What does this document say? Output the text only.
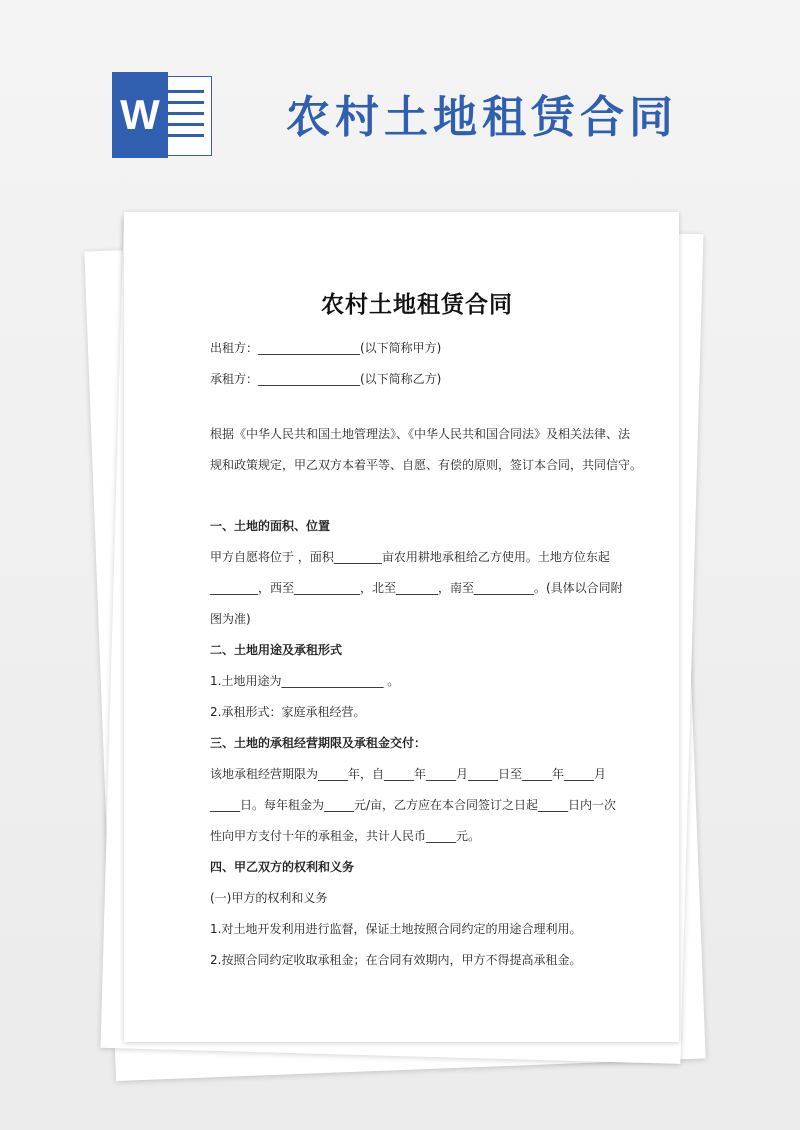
W	农村土地租赁合同
农村土地租赁合同

出租方：_________________(以下简称甲方)

承租方：_________________(以下简称乙方)

根据《中华人民共和国土地管理法》、《中华人民共和国合同法》及相关法律、法

规和政策规定，甲乙双方本着平等、自愿、有偿的原则，签订本合同，共同信守。

一、土地的面积、位置

甲方自愿将位于 ，面积________亩农用耕地承租给乙方使用。土地方位东起

________，西至___________，北至_______，南至__________。(具体以合同附

图为准)

二、土地用途及承租形式

1.土地用途为_________________ 。

2.承租形式：家庭承租经营。

三、土地的承租经营期限及承租金交付：

该地承租经营期限为_____年，自_____年_____月_____日至_____年_____月

_____日。每年租金为_____元/亩，乙方应在本合同签订之日起_____日内一次

性向甲方支付十年的承租金，共计人民币_____元。

四、甲乙双方的权利和义务

(一)甲方的权利和义务

1.对土地开发利用进行监督，保证土地按照合同约定的用途合理利用。

2.按照合同约定收取承租金；在合同有效期内，甲方不得提高承租金。
